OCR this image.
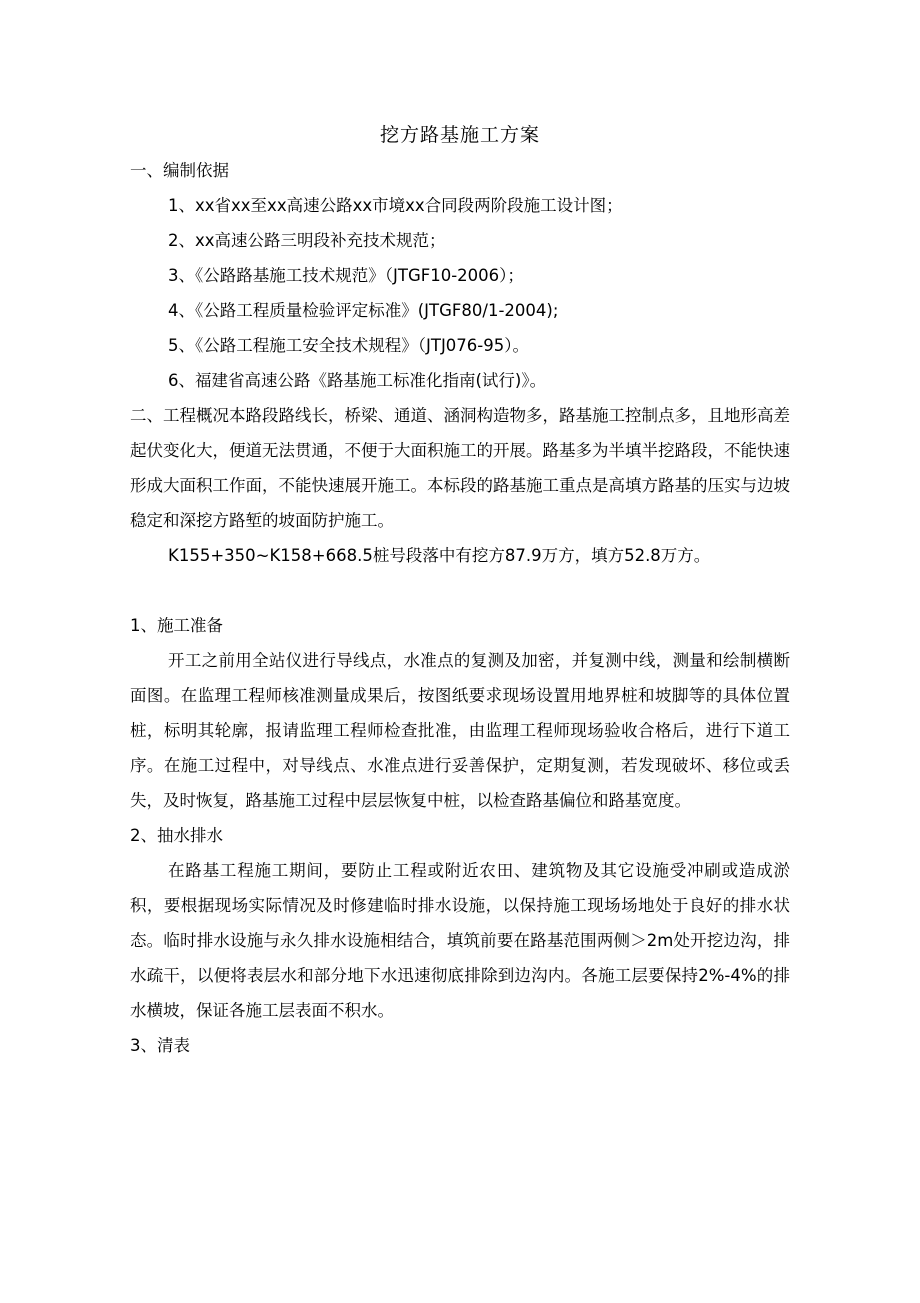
挖方路基施工方案
一、编制依据
1、xx省xx至xx高速公路xx市境xx合同段两阶段施工设计图；
2、xx高速公路三明段补充技术规范；
3、《公路路基施工技术规范》（JTGF10-2006）；
4、《公路工程质量检验评定标准》(JTGF80/1-2004);
5、《公路工程施工安全技术规程》（JTJ076-95）。
6、福建省高速公路《路基施工标准化指南(试行)》。
二、工程概况本路段路线长，桥梁、通道、涵洞构造物多，路基施工控制点多，且地形高差起伏变化大，便道无法贯通，不便于大面积施工的开展。路基多为半填半挖路段，不能快速形成大面积工作面，不能快速展开施工。本标段的路基施工重点是高填方路基的压实与边坡稳定和深挖方路堑的坡面防护施工。
K155+350~K158+668.5桩号段落中有挖方87.9万方，填方52.8万方。
1、施工准备
开工之前用全站仪进行导线点，水准点的复测及加密，并复测中线，测量和绘制横断面图。在监理工程师核准测量成果后，按图纸要求现场设置用地界桩和坡脚等的具体位置桩，标明其轮廓，报请监理工程师检查批准，由监理工程师现场验收合格后，进行下道工序。在施工过程中，对导线点、水准点进行妥善保护，定期复测，若发现破坏、移位或丢失，及时恢复，路基施工过程中层层恢复中桩，以检查路基偏位和路基宽度。
2、抽水排水
在路基工程施工期间，要防止工程或附近农田、建筑物及其它设施受冲刷或造成淤积，要根据现场实际情况及时修建临时排水设施，以保持施工现场场地处于良好的排水状态。临时排水设施与永久排水设施相结合，填筑前要在路基范围两侧＞2m处开挖边沟，排水疏干，以便将表层水和部分地下水迅速彻底排除到边沟内。各施工层要保持2%-4%的排水横坡，保证各施工层表面不积水。
3、清表
